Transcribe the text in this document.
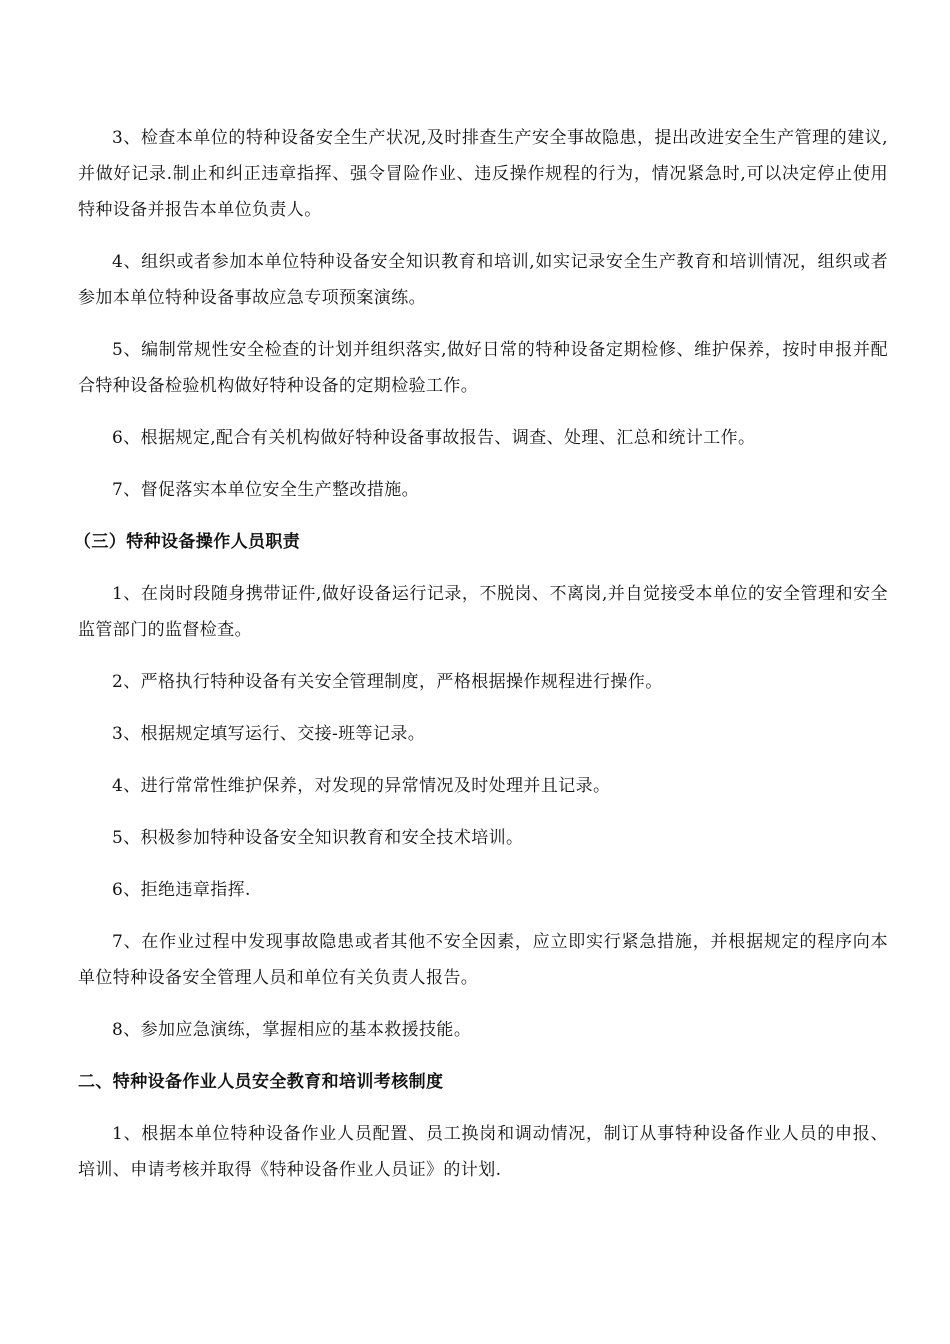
3、检查本单位的特种设备安全生产状况,及时排查生产安全事故隐患，提出改进安全生产管理的建议,并做好记录.制止和纠正违章指挥、强令冒险作业、违反操作规程的行为，情况紧急时,可以决定停止使用特种设备并报告本单位负责人。

4、组织或者参加本单位特种设备安全知识教育和培训,如实记录安全生产教育和培训情况，组织或者参加本单位特种设备事故应急专项预案演练。

5、编制常规性安全检查的计划并组织落实,做好日常的特种设备定期检修、维护保养，按时申报并配合特种设备检验机构做好特种设备的定期检验工作。

6、根据规定,配合有关机构做好特种设备事故报告、调查、处理、汇总和统计工作。

7、督促落实本单位安全生产整改措施。

（三）特种设备操作人员职责

1、在岗时段随身携带证件,做好设备运行记录，不脱岗、不离岗,并自觉接受本单位的安全管理和安全监管部门的监督检查。

2、严格执行特种设备有关安全管理制度，严格根据操作规程进行操作。

3、根据规定填写运行、交接-班等记录。

4、进行常常性维护保养，对发现的异常情况及时处理并且记录。

5、积极参加特种设备安全知识教育和安全技术培训。

6、拒绝违章指挥.

7、在作业过程中发现事故隐患或者其他不安全因素，应立即实行紧急措施，并根据规定的程序向本单位特种设备安全管理人员和单位有关负责人报告。

8、参加应急演练，掌握相应的基本救援技能。

二、特种设备作业人员安全教育和培训考核制度

1、根据本单位特种设备作业人员配置、员工换岗和调动情况，制订从事特种设备作业人员的申报、培训、申请考核并取得《特种设备作业人员证》的计划.
